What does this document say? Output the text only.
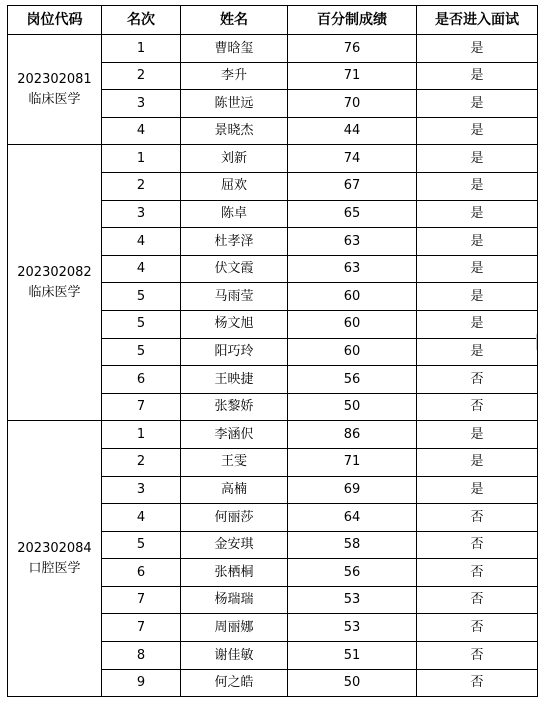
岗位代码	名次	姓名	百分制成绩	是否进入面试

202302081
临床医学	1	曹晗玺	76	是
	2	李升	71	是
	3	陈世远	70	是
	4	景晓杰	44	是

202302082
临床医学	1	刘新	74	是
	2	屈欢	67	是
	3	陈卓	65	是
	4	杜孝泽	63	是
	4	伏文霞	63	是
	5	马雨莹	60	是
	5	杨文旭	60	是
	5	阳巧玲	60	是
	6	王映捷	56	否
	7	张黎娇	50	否

202302084
口腔医学	1	李涵伬	86	是
	2	王雯	71	是
	3	高楠	69	是
	4	何丽莎	64	否
	5	金安琪	58	否
	6	张栖桐	56	否
	7	杨瑞瑞	53	否
	7	周丽娜	53	否
	8	谢佳敏	51	否
	9	何之皓	50	否
